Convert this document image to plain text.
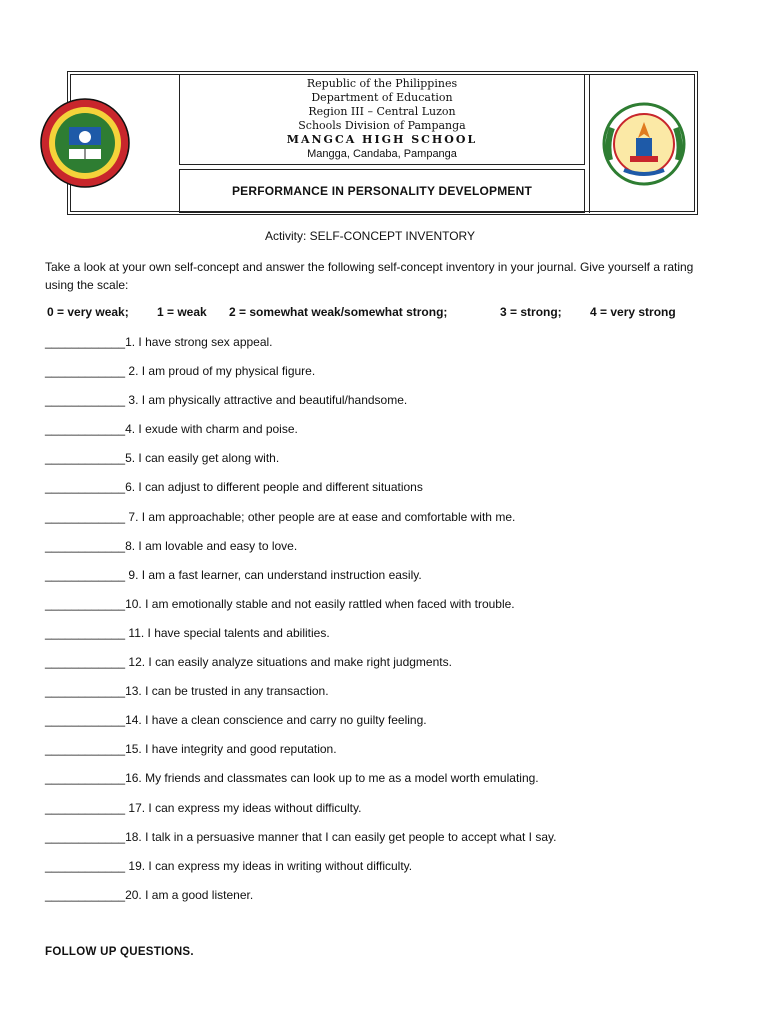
Republic of the Philippines
Department of Education
Region III – Central Luzon
Schools Division of Pampanga
MANGCA HIGH SCHOOL
Mangga, Candaba, Pampanga
PERFORMANCE IN PERSONALITY DEVELOPMENT
Activity: SELF-CONCEPT INVENTORY
Take a look at your own self-concept and answer the following self-concept inventory in your journal. Give yourself a rating using the scale:
0 = very weak; 1 = weak 2 = somewhat weak/somewhat strong;	3 = strong; 4 = very strong
____________1. I have strong sex appeal.
____________ 2. I am proud of my physical figure.
____________ 3. I am physically attractive and beautiful/handsome.
____________4. I exude with charm and poise.
____________5. I can easily get along with.
____________6. I can adjust to different people and different situations
____________ 7. I am approachable; other people are at ease and comfortable with me.
____________8. I am lovable and easy to love.
____________ 9. I am a fast learner, can understand instruction easily.
____________10. I am emotionally stable and not easily rattled when faced with trouble.
____________ 11. I have special talents and abilities.
____________ 12. I can easily analyze situations and make right judgments.
____________13. I can be trusted in any transaction.
____________14. I have a clean conscience and carry no guilty feeling.
____________15. I have integrity and good reputation.
____________16. My friends and classmates can look up to me as a model worth emulating.
____________ 17. I can express my ideas without difficulty.
____________18. I talk in a persuasive manner that I can easily get people to accept what I say.
____________ 19. I can express my ideas in writing without difficulty.
____________20. I am a good listener.
FOLLOW UP QUESTIONS.
